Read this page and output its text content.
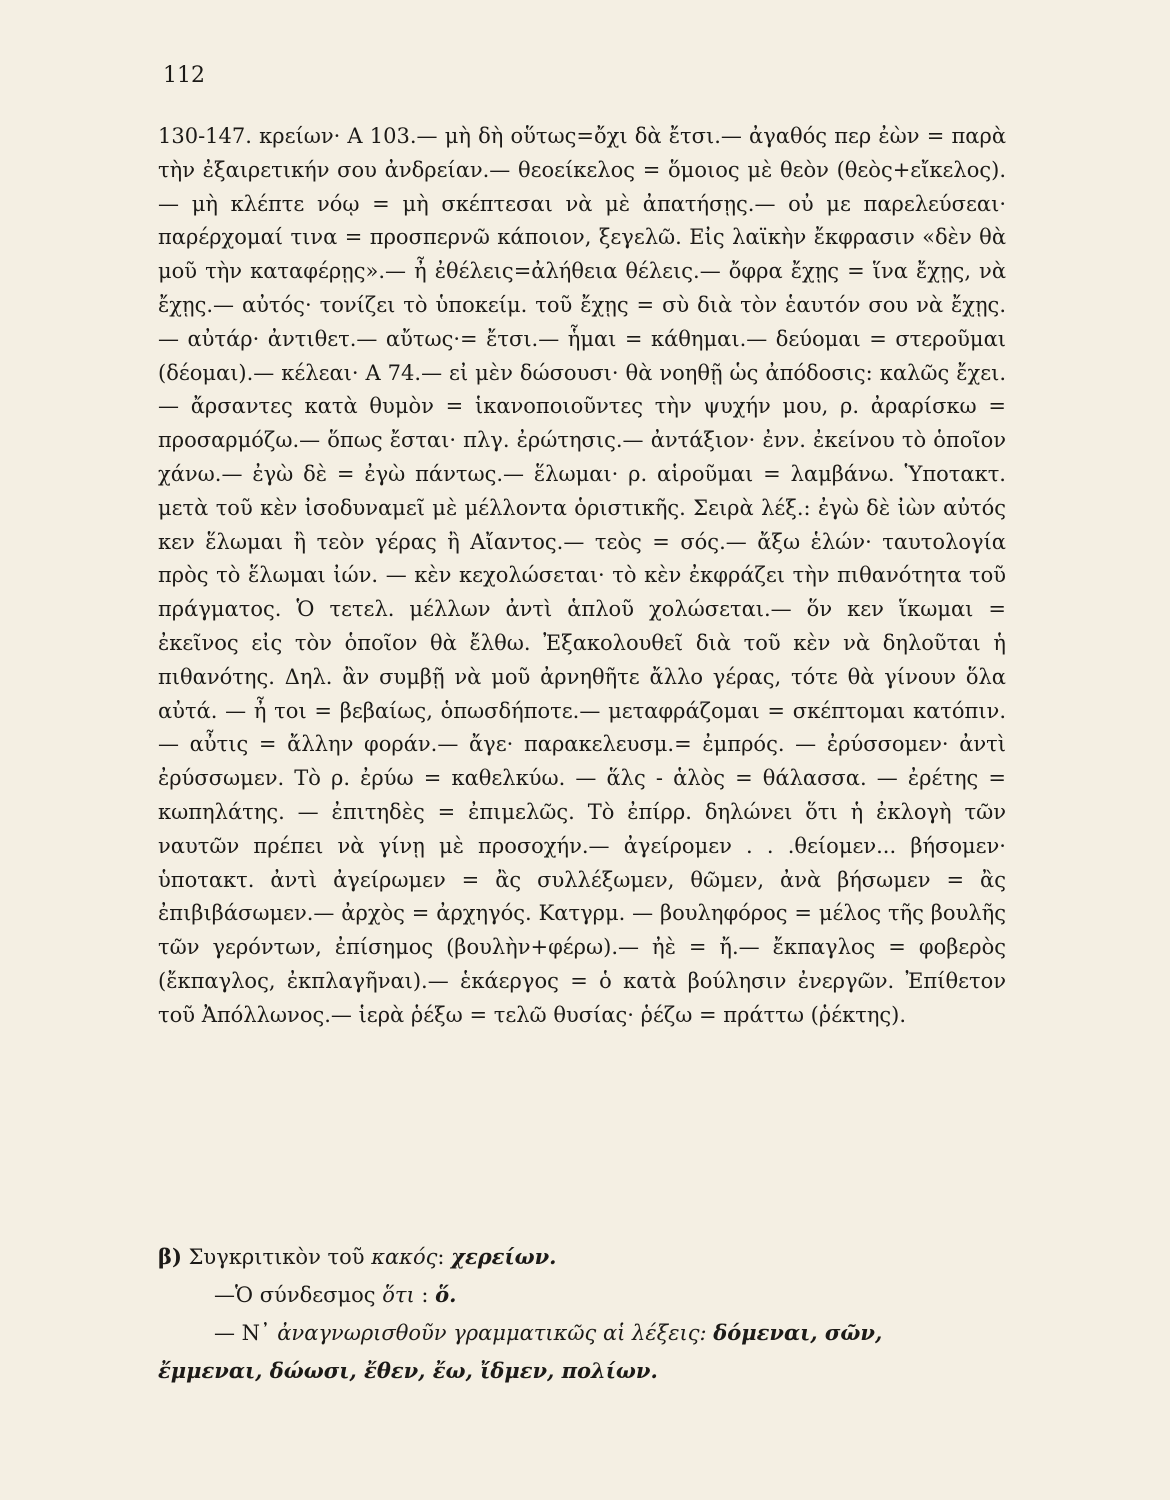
112

130-147. κρείων· Α 103.— μὴ δὴ οὕτως=ὄχι δὰ ἔτσι.— ἀγαθός περ ἐὼν = παρὰ τὴν ἐξαιρετικήν σου ἀνδρείαν.— θεοείκελος = ὅμοιος μὲ θεὸν (θεὸς+εἴκελος).— μὴ κλέπτε νόῳ = μὴ σκέπτεσαι νὰ μὲ ἀπατήσῃς.— οὐ με παρελεύσεαι· παρέρχομαί τινα = προσπερνῶ κάποιον, ξεγελῶ. Εἰς λαϊκὴν ἔκφρασιν «δὲν θὰ μοῦ τὴν καταφέρῃς».— ἦ ἐθέλεις=ἀλήθεια θέλεις.— ὄφρα ἔχῃς = ἵνα ἔχῃς, νὰ ἔχῃς.— αὐτός· τονίζει τὸ ὑποκείμ. τοῦ ἔχῃς = σὺ διὰ τὸν ἑαυτόν σου νὰ ἔχῃς.— αὐτάρ· ἀντιθετ.— αὔτως·= ἔτσι.— ἧμαι = κάθημαι.— δεύομαι = στεροῦμαι (δέομαι).— κέλεαι· Α 74.— εἰ μὲν δώσουσι· θὰ νοηθῇ ὡς ἀπόδοσις: καλῶς ἔχει.— ἄρσαντες κατὰ θυμὸν = ἱκανοποιοῦντες τὴν ψυχήν μου, ρ. ἀραρίσκω = προσαρμόζω.— ὅπως ἔσται· πλγ. ἐρώτησις.— ἀντάξιον· ἐνν. ἐκείνου τὸ ὁποῖον χάνω.— ἐγὼ δὲ = ἐγὼ πάντως.— ἕλωμαι· ρ. αἱροῦμαι = λαμβάνω. Ὑποτακτ. μετὰ τοῦ κὲν ἰσοδυναμεῖ μὲ μέλλοντα ὁριστικῆς. Σειρὰ λέξ.: ἐγὼ δὲ ἰὼν αὐτός κεν ἕλωμαι ἢ τεὸν γέρας ἢ Αἴαντος.— τεὸς = σός.— ἄξω ἑλών· ταυτολογία πρὸς τὸ ἕλωμαι ἰών. — κὲν κεχολώσεται· τὸ κὲν ἐκφράζει τὴν πιθανότητα τοῦ πράγματος. Ὁ τετελ. μέλλων ἀντὶ ἁπλοῦ χολώσεται.— ὅν κεν ἵκωμαι = ἐκεῖνος εἰς τὸν ὁποῖον θὰ ἔλθω. Ἐξακολουθεῖ διὰ τοῦ κὲν νὰ δηλοῦται ἡ πιθανότης. Δηλ. ἂν συμβῇ νὰ μοῦ ἀρνηθῆτε ἄλλο γέρας, τότε θὰ γίνουν ὅλα αὐτά. — ἦ τοι = βεβαίως, ὁπωσδήποτε.— μεταφράζομαι = σκέπτομαι κατόπιν.— αὖτις = ἄλλην φοράν.— ἄγε· παρακελευσμ.= ἐμπρός. — ἐρύσσομεν· ἀντὶ ἐρύσσωμεν. Τὸ ρ. ἐρύω = καθελκύω. — ἅλς - ἁλὸς = θάλασσα. — ἐρέτης = κωπηλάτης. — ἐπιτηδὲς = ἐπιμελῶς. Τὸ ἐπίρρ. δηλώνει ὅτι ἡ ἐκλογὴ τῶν ναυτῶν πρέπει νὰ γίνῃ μὲ προσοχήν.— ἀγείρομεν . . .θείομεν... βήσομεν· ὑποτακτ. ἀντὶ ἀγείρωμεν = ἂς συλλέξωμεν, θῶμεν, ἀνὰ βήσωμεν = ἂς ἐπιβιβάσωμεν.— ἀρχὸς = ἀρχηγός. Κατγρμ. — βουληφόρος = μέλος τῆς βουλῆς τῶν γερόντων, ἐπίσημος (βουλὴν+φέρω).— ἠὲ = ἤ.— ἔκπαγλος = φοβερὸς (ἔκπαγλος, ἐκπλαγῆναι).— ἑκάεργος = ὁ κατὰ βούλησιν ἐνεργῶν. Ἐπίθετον τοῦ Ἀπόλλωνος.— ἱερὰ ῥέξω = τελῶ θυσίας· ῥέζω = πράττω (ῥέκτης).

β) Συγκριτικὸν τοῦ κακός: χερείων.

—Ὁ σύνδεσμος ὅτι : ὅ.

— Ν᾽ ἀναγνωρισθοῦν γραμματικῶς αἱ λέξεις: δόμεναι, σῶν,

ἔμμεναι, δώωσι, ἔθεν, ἔω, ἴδμεν, πολίων.
